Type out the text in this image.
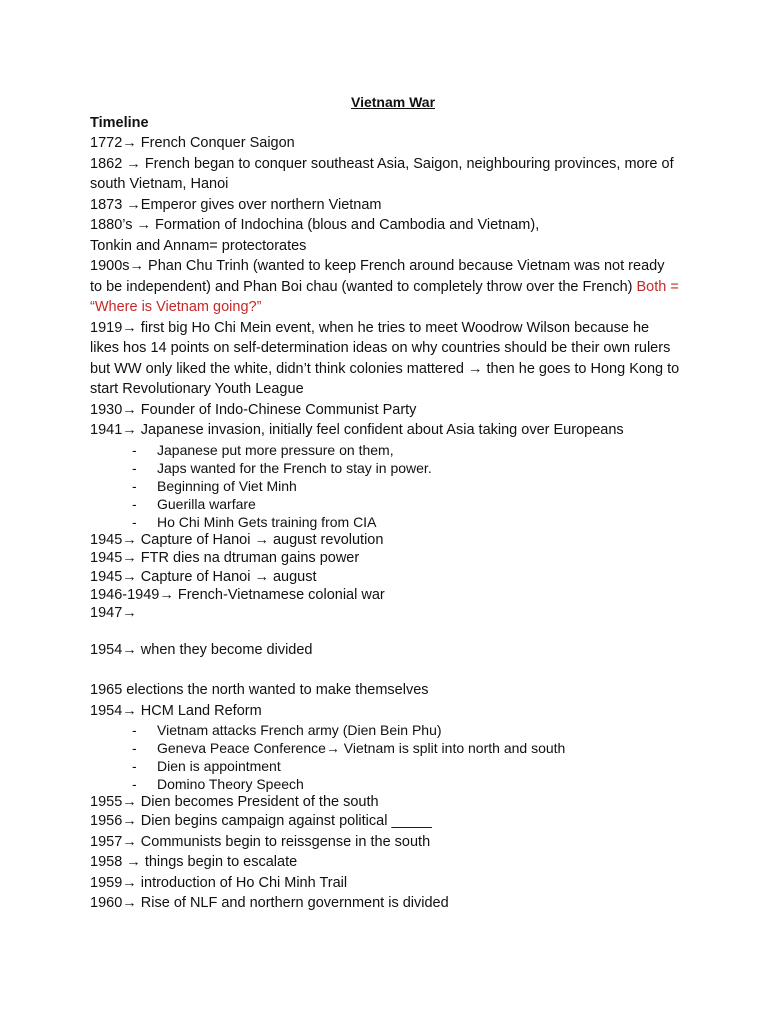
Vietnam War
Timeline
1772→ French Conquer Saigon
1862 → French began to conquer southeast Asia, Saigon, neighbouring provinces, more of south Vietnam, Hanoi
1873 →Emperor gives over northern Vietnam
1880’s → Formation of Indochina (blous and Cambodia and Vietnam),
Tonkin and Annam= protectorates
1900s→ Phan Chu Trinh (wanted to keep French around because Vietnam was not ready to be independent) and Phan Boi chau (wanted to completely throw over the French) Both = “Where is Vietnam going?”
1919→ first big Ho Chi Mein event, when he tries to meet Woodrow Wilson because he likes hos 14 points on self-determination ideas on why countries should be their own rulers but WW only liked the white, didn’t think colonies mattered → then he goes to Hong Kong to start Revolutionary Youth League
1930→ Founder of Indo-Chinese Communist Party
1941→ Japanese invasion, initially feel confident about Asia taking over Europeans
- Japanese put more pressure on them,
- Japs wanted for the French to stay in power.
- Beginning of Viet Minh
- Guerilla warfare
- Ho Chi Minh Gets training from CIA
1945→ Capture of Hanoi → august revolution
1945→ FTR dies na dtruman gains power
1945→ Capture of Hanoi → august
1946-1949→ French-Vietnamese colonial war
1947→
1954→ when they become divided
1965 elections the north wanted to make themselves
1954→ HCM Land Reform
- Vietnam attacks French army (Dien Bein Phu)
- Geneva Peace Conference→ Vietnam is split into north and south
- Dien is appointment
- Domino Theory Speech
1955→ Dien becomes President of the south
1956→ Dien begins campaign against political _____
1957→ Communists begin to reissgense in the south
1958 → things begin to escalate
1959→ introduction of Ho Chi Minh Trail
1960→ Rise of NLF and northern government is divided
